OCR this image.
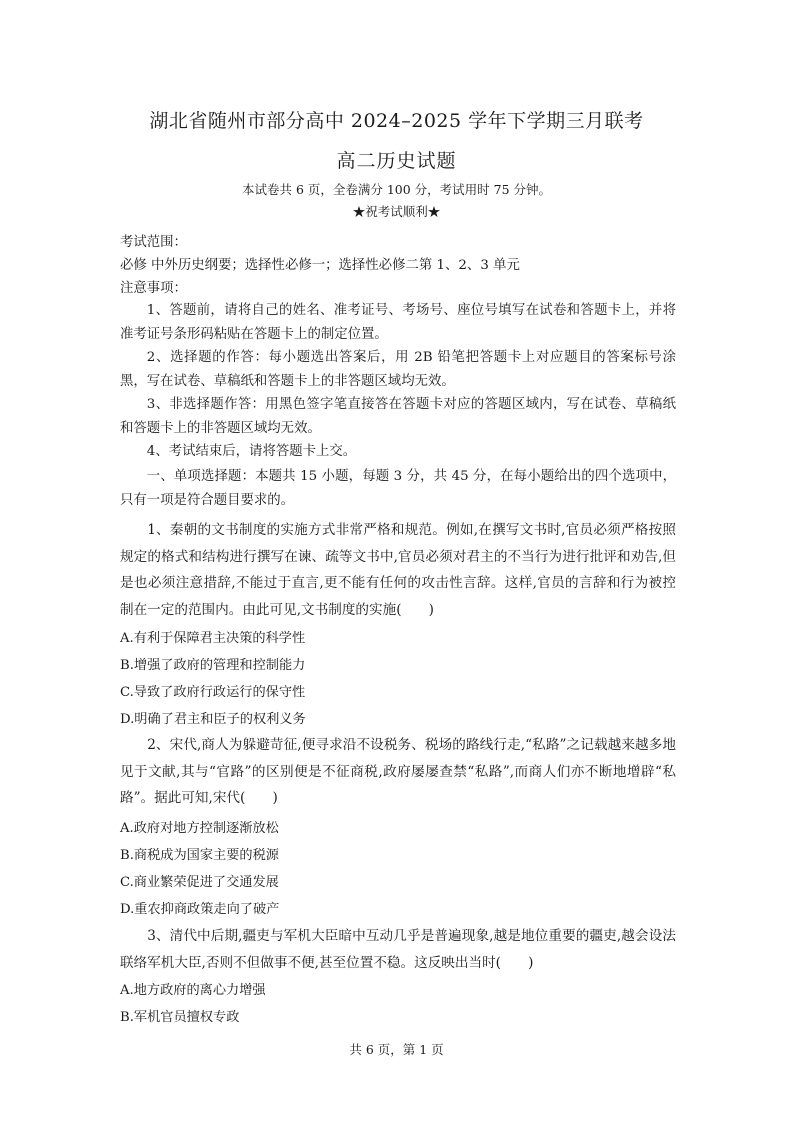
湖北省随州市部分高中 2024–2025 学年下学期三月联考
高二历史试题
本试卷共 6 页，全卷满分 100 分，考试用时 75 分钟。
★祝考试顺利★
考试范围：
必修 中外历史纲要；选择性必修一；选择性必修二第 1、2、3 单元
注意事项：
1、答题前，请将自己的姓名、准考证号、考场号、座位号填写在试卷和答题卡上，并将准考证号条形码粘贴在答题卡上的制定位置。
2、选择题的作答：每小题选出答案后，用 2B 铅笔把答题卡上对应题目的答案标号涂黑，写在试卷、草稿纸和答题卡上的非答题区域均无效。
3、非选择题作答：用黑色签字笔直接答在答题卡对应的答题区域内，写在试卷、草稿纸和答题卡上的非答题区域均无效。
4、考试结束后，请将答题卡上交。
一、单项选择题：本题共 15 小题，每题 3 分，共 45 分，在每小题给出的四个选项中，只有一项是符合题目要求的。
1、秦朝的文书制度的实施方式非常严格和规范。例如,在撰写文书时,官员必须严格按照规定的格式和结构进行撰写在谏、疏等文书中,官员必须对君主的不当行为进行批评和劝告,但是也必须注意措辞,不能过于直言,更不能有任何的攻击性言辞。这样,官员的言辞和行为被控制在一定的范围内。由此可见,文书制度的实施(　　)
A.有利于保障君主决策的科学性
B.增强了政府的管理和控制能力
C.导致了政府行政运行的保守性
D.明确了君主和臣子的权利义务
2、宋代,商人为躲避苛征,便寻求沿不设税务、税场的路线行走,“私路”之记载越来越多地见于文献,其与“官路”的区别便是不征商税,政府屡屡查禁“私路”,而商人们亦不断地增辟“私路”。据此可知,宋代(　　)
A.政府对地方控制逐渐放松
B.商税成为国家主要的税源
C.商业繁荣促进了交通发展
D.重农抑商政策走向了破产
3、清代中后期,疆吏与军机大臣暗中互动几乎是普遍现象,越是地位重要的疆吏,越会设法联络军机大臣,否则不但做事不便,甚至位置不稳。这反映出当时(　　)
A.地方政府的离心力增强
B.军机官员擅权专政
共 6 页，第 1 页
